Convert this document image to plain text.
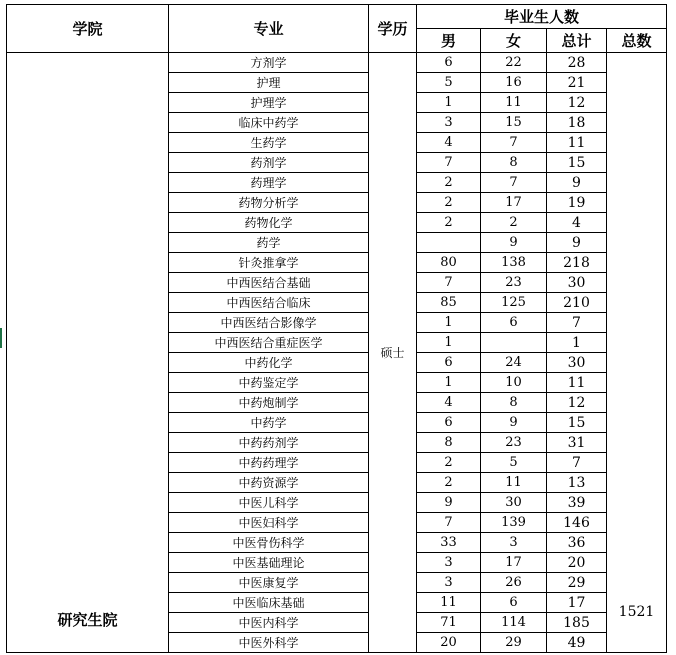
学院	专业	学历	毕业生人数			
			男	女	总计	总数
研究生院	方剂学	硕士	6	22	28	1521
	护理		5	16	21	
	护理学		1	11	12	
	临床中药学		3	15	18	
	生药学		4	7	11	
	药剂学		7	8	15	
	药理学		2	7	9	
	药物分析学		2	17	19	
	药物化学		2	2	4	
	药学			9	9	
	针灸推拿学		80	138	218	
	中西医结合基础		7	23	30	
	中西医结合临床		85	125	210	
	中西医结合影像学		1	6	7	
	中西医结合重症医学		1		1	
	中药化学		6	24	30	
	中药鉴定学		1	10	11	
	中药炮制学		4	8	12	
	中药学		6	9	15	
	中药药剂学		8	23	31	
	中药药理学		2	5	7	
	中药资源学		2	11	13	
	中医儿科学		9	30	39	
	中医妇科学		7	139	146	
	中医骨伤科学		33	3	36	
	中医基础理论		3	17	20	
	中医康复学		3	26	29	
	中医临床基础		11	6	17	
	中医内科学		71	114	185	
	中医外科学		20	29	49	
